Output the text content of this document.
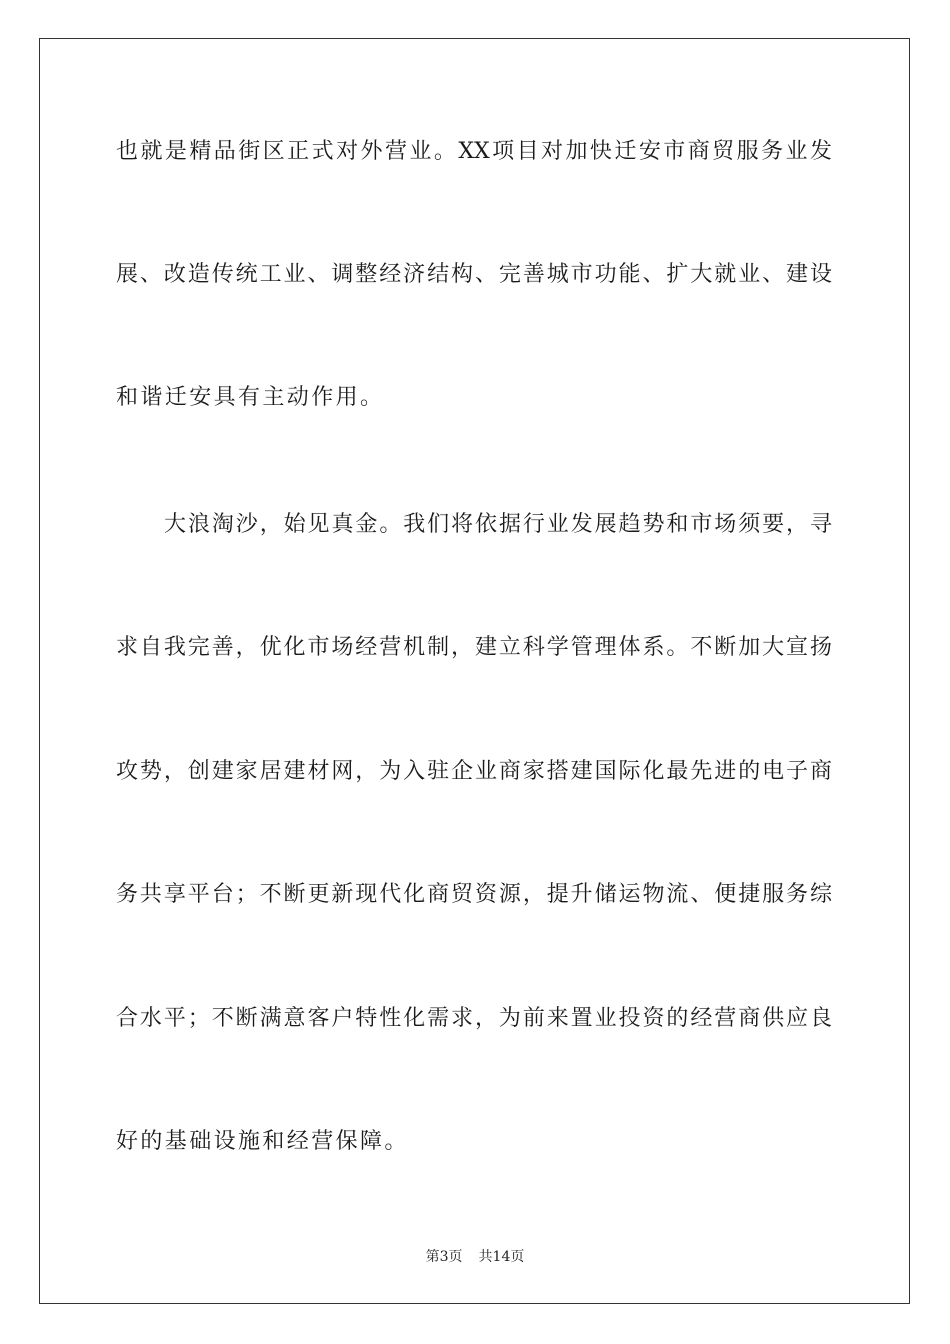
也就是精品街区正式对外营业。XX项目对加快迁安市商贸服务业发
展、改造传统工业、调整经济结构、完善城市功能、扩大就业、建设
和谐迁安具有主动作用。
大浪淘沙，始见真金。我们将依据行业发展趋势和市场须要，寻
求自我完善，优化市场经营机制，建立科学管理体系。不断加大宣扬
攻势，创建家居建材网，为入驻企业商家搭建国际化最先进的电子商
务共享平台；不断更新现代化商贸资源，提升储运物流、便捷服务综
合水平；不断满意客户特性化需求，为前来置业投资的经营商供应良
好的基础设施和经营保障。
第3页 共14页
